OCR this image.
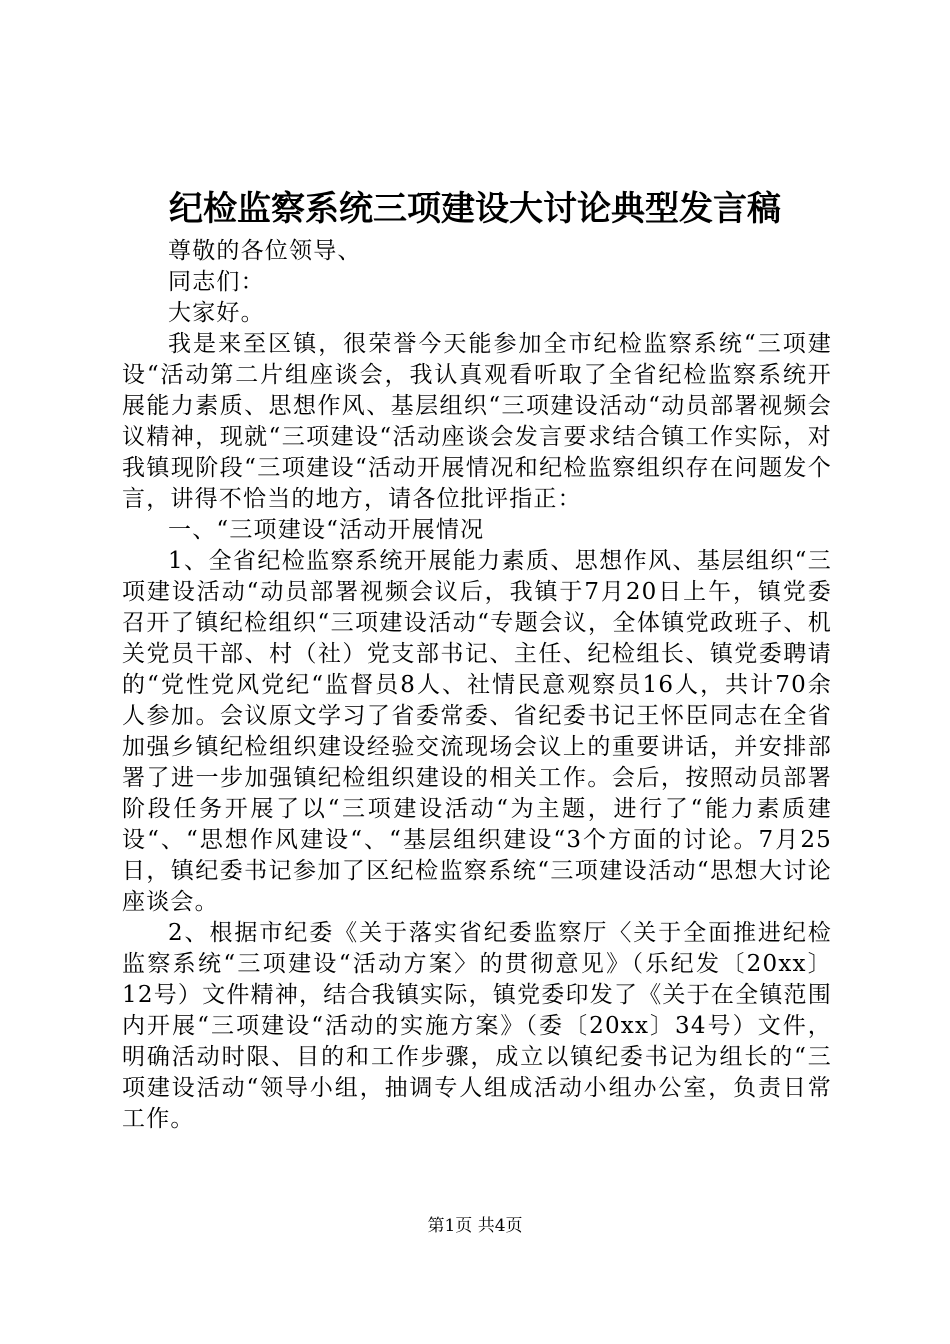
纪检监察系统三项建设大讨论典型发言稿

尊敬的各位领导、

同志们：

大家好。

我是来至区镇，很荣誉今天能参加全市纪检监察系统“三项建设“活动第二片组座谈会，我认真观看听取了全省纪检监察系统开展能力素质、思想作风、基层组织“三项建设活动“动员部署视频会议精神，现就“三项建设“活动座谈会发言要求结合镇工作实际，对我镇现阶段“三项建设“活动开展情况和纪检监察组织存在问题发个言，讲得不恰当的地方，请各位批评指正：

一、“三项建设“活动开展情况

1、全省纪检监察系统开展能力素质、思想作风、基层组织“三项建设活动“动员部署视频会议后，我镇于7月20日上午，镇党委召开了镇纪检组织“三项建设活动“专题会议，全体镇党政班子、机关党员干部、村（社）党支部书记、主任、纪检组长、镇党委聘请的“党性党风党纪“监督员8人、社情民意观察员16人，共计70余人参加。会议原文学习了省委常委、省纪委书记王怀臣同志在全省加强乡镇纪检组织建设经验交流现场会议上的重要讲话，并安排部署了进一步加强镇纪检组织建设的相关工作。会后，按照动员部署阶段任务开展了以“三项建设活动“为主题，进行了“能力素质建设“、“思想作风建设“、“基层组织建设“3个方面的讨论。7月25日，镇纪委书记参加了区纪检监察系统“三项建设活动“思想大讨论座谈会。

2、根据市纪委《关于落实省纪委监察厅〈关于全面推进纪检监察系统“三项建设“活动方案〉的贯彻意见》（乐纪发〔20xx〕12号）文件精神，结合我镇实际，镇党委印发了《关于在全镇范围内开展“三项建设“活动的实施方案》（委〔20xx〕34号）文件，明确活动时限、目的和工作步骤，成立以镇纪委书记为组长的“三项建设活动“领导小组，抽调专人组成活动小组办公室，负责日常工作。

第1页 共4页
